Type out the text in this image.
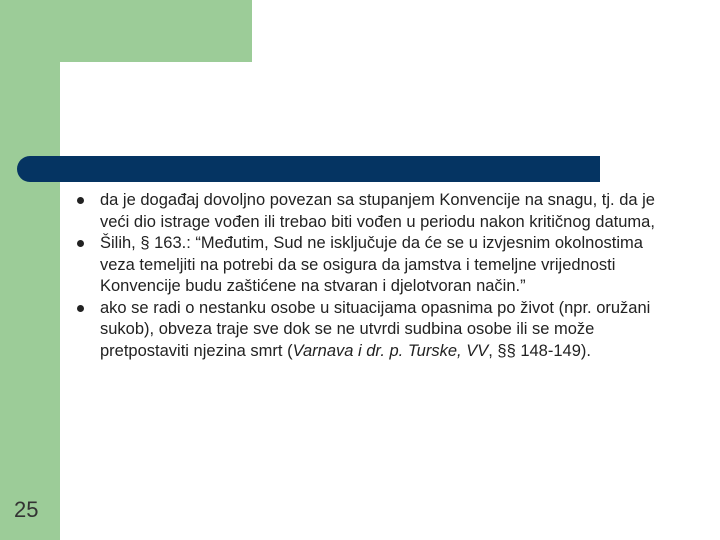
da je događaj dovoljno povezan sa stupanjem Konvencije na snagu, tj. da je veći dio istrage vođen ili trebao biti vođen u periodu nakon kritičnog datuma,
Šilih, § 163.: “Međutim, Sud ne isključuje da će se u izvjesnim okolnostima veza temeljiti na potrebi da se osigura da jamstva i temeljne vrijednosti Konvencije budu zaštićene na stvaran i djelotvoran način.”
ako se radi o nestanku osobe u situacijama opasnima po život (npr. oružani sukob), obveza traje sve dok se ne utvrdi sudbina osobe ili se može pretpostaviti njezina smrt (Varnava i dr. p. Turske, VV, §§ 148-149).
25
